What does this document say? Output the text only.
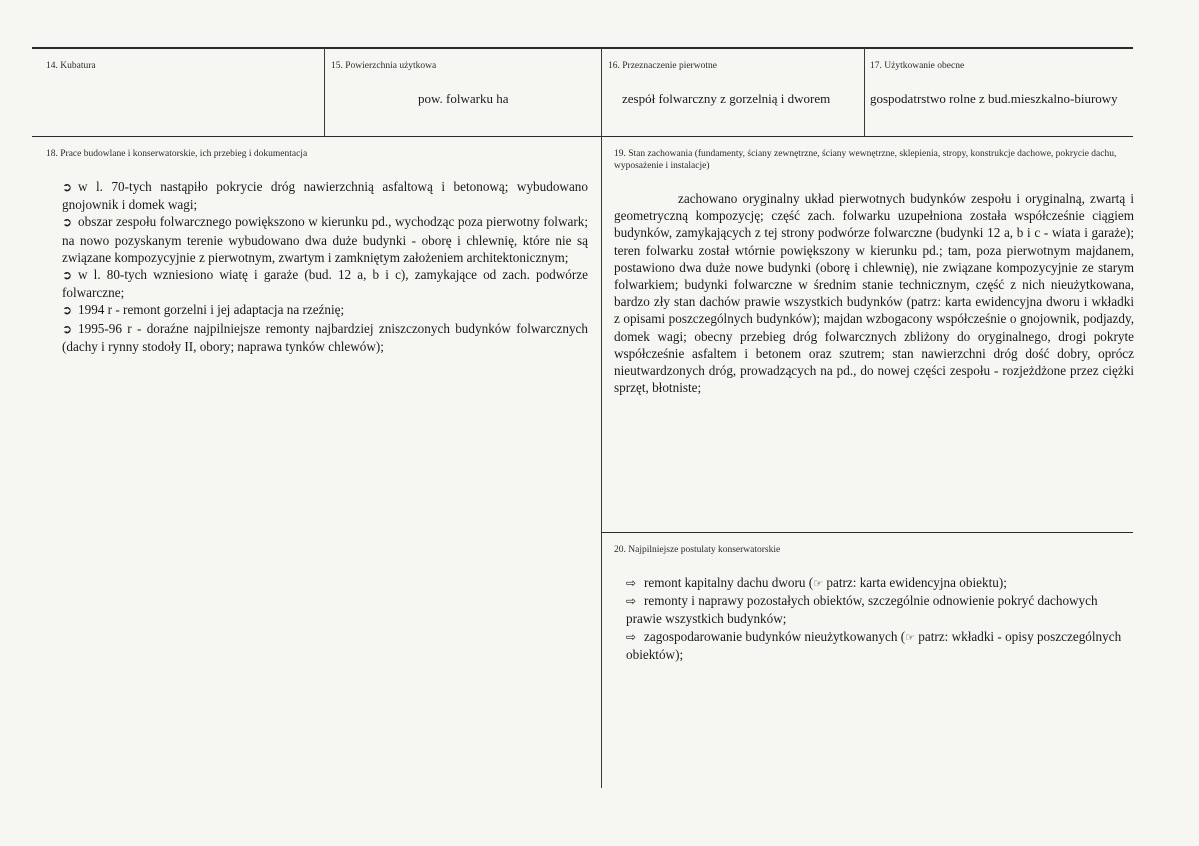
14. Kubatura	15. Powierzchnia użytkowa
pow. folwarku ha
16. Przeznaczenie pierwotne
zespół folwarczny z gorzelnią i dworem
17. Użytkowanie obecne
gospodatrstwo rolne z bud.mieszkalno-biurowy
18. Prace budowlane i konserwatorskie, ich przebieg i dokumentacja
➲ w l. 70-tych nastąpiło pokrycie dróg nawierzchnią asfaltową i betonową; wybudowano gnojownik i domek wagi;
➲ obszar zespołu folwarcznego powiększono w kierunku pd., wychodząc poza pierwotny folwark; na nowo pozyskanym terenie wybudowano dwa duże budynki - oborę i chlewnię, które nie są związane kompozycyjnie z pierwotnym, zwartym i zamkniętym założeniem architektonicznym;
➲ w l. 80-tych wzniesiono wiatę i garaże (bud. 12 a, b i c), zamykające od zach. podwórze folwarczne;
➲ 1994 r - remont gorzelni i jej adaptacja na rzeźnię;
➲ 1995-96 r - doraźne najpilniejsze remonty najbardziej zniszczonych budynków folwarcznych (dachy i rynny stodoły II, obory; naprawa tynków chlewów);
19. Stan zachowania (fundamenty, ściany zewnętrzne, ściany wewnętrzne, sklepienia, stropy, konstrukcje dachowe, pokrycie dachu, wyposażenie i instalacje)
zachowano oryginalny układ pierwotnych budynków zespołu i oryginalną, zwartą i geometryczną kompozycję; część zach. folwarku uzupełniona została współcześnie ciągiem budynków, zamykających z tej strony podwórze folwarczne (budynki 12 a, b i c - wiata i garaże); teren folwarku został wtórnie powiększony w kierunku pd.; tam, poza pierwotnym majdanem, postawiono dwa duże nowe budynki (oborę i chlewnię), nie związane kompozycyjnie ze starym folwarkiem; budynki folwarczne w średnim stanie technicznym, część z nich nieużytkowana, bardzo zły stan dachów prawie wszystkich budynków (patrz: karta ewidencyjna dworu i wkładki z opisami poszczególnych budynków); majdan wzbogacony współcześnie o gnojownik, podjazdy, domek wagi; obecny przebieg dróg folwarcznych zbliżony do oryginalnego, drogi pokryte współcześnie asfaltem i betonem oraz szutrem; stan nawierzchni dróg dość dobry, oprócz nieutwardzonych dróg, prowadzących na pd., do nowej części zespołu - rozjeżdżone przez ciężki sprzęt, błotniste;
20. Najpilniejsze postulaty konserwatorskie
⇨ remont kapitalny dachu dworu (☞ patrz: karta ewidencyjna obiektu);
⇨ remonty i naprawy pozostałych obiektów, szczególnie odnowienie pokryć dachowych prawie wszystkich budynków;
⇨ zagospodarowanie budynków nieużytkowanych (☞ patrz: wkładki - opisy poszczególnych obiektów);
